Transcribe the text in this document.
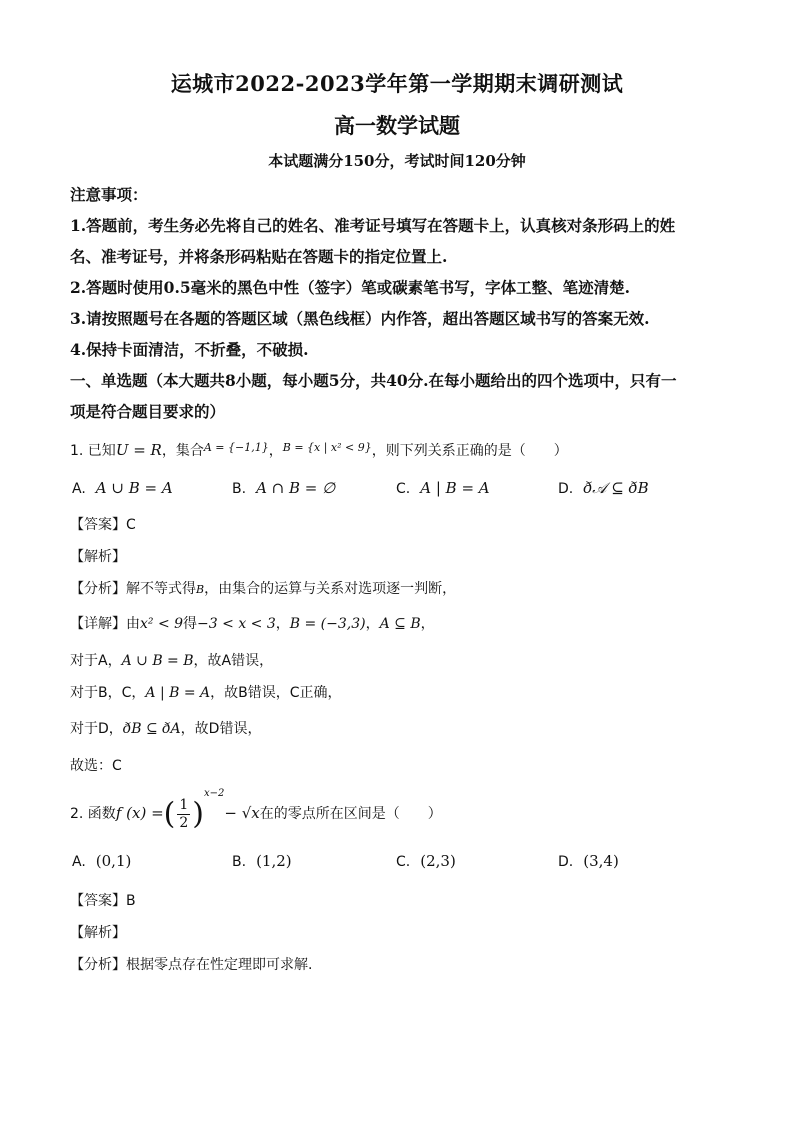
运城市2022-2023学年第一学期期末调研测试
高一数学试题
本试题满分150分，考试时间120分钟
注意事项：
1.答题前，考生务必先将自己的姓名、准考证号填写在答题卡上，认真核对条形码上的姓
名、准考证号，并将条形码粘贴在答题卡的指定位置上.
2.答题时使用0.5毫米的黑色中性（签字）笔或碳素笔书写，字体工整、笔迹清楚.
3.请按照题号在各题的答题区域（黑色线框）内作答，超出答题区域书写的答案无效.
4.保持卡面清洁，不折叠，不破损.
一、单选题（本大题共8小题，每小题5分，共40分.在每小题给出的四个选项中，只有一
项是符合题目要求的）
1. 已知U = R，集合$^{A = \{-1,1\}}$，$^{B = \{x | x^2 < 9\}}$，则下列关系正确的是（　　）
A. A ∪ B = A	B. A ∩ B = ∅	C. A | B = A	D. ð𝒜 ⊆ ðB
【答案】C
【解析】
【分析】解不等式得B，由集合的运算与关系对选项逐一判断，
【详解】由x² < 9得−3 < x < 3，B = (−3,3)，A ⊆ B，
对于A，A ∪ B = B，故A错误，
对于B，C，A | B = A，故B错误，C正确，
对于D，ðB ⊆ ðA，故D错误，
故选：C
2. 函数f (x) =( $\frac{1}{2} )^{x-2}- √x$在的零点所在区间是（　　）
A. (0,1)	B. (1,2)	C. (2,3)	D. (3,4)
【答案】B
【解析】
【分析】根据零点存在性定理即可求解.
